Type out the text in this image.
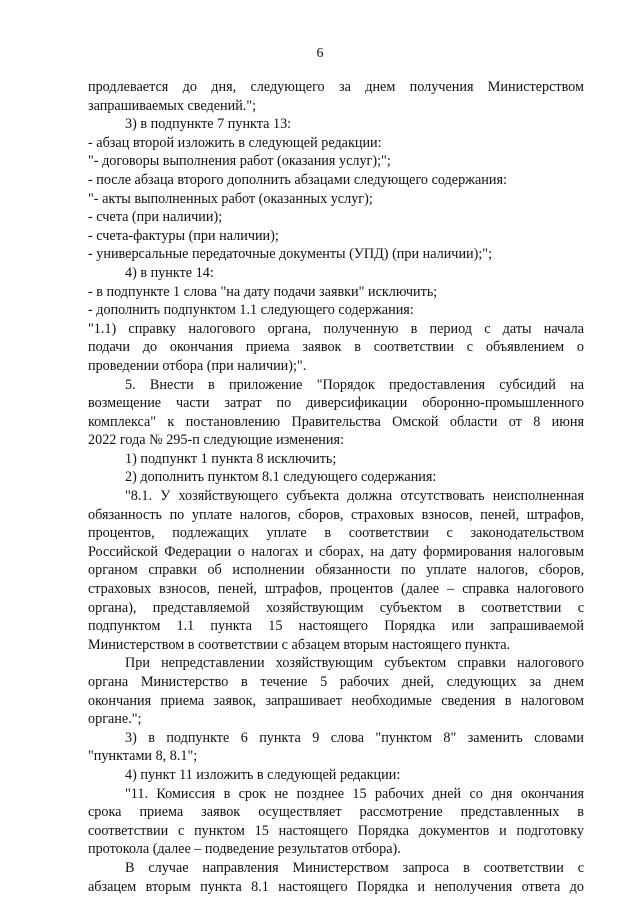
6
продлевается до дня, следующего за днем получения Министерством
запрашиваемых сведений.";
3) в подпункте 7 пункта 13:
- абзац второй изложить в следующей редакции:
"- договоры выполнения работ (оказания услуг);";
- после абзаца второго дополнить абзацами следующего содержания:
"- акты выполненных работ (оказанных услуг);
- счета (при наличии);
- счета-фактуры (при наличии);
- универсальные передаточные документы (УПД) (при наличии);";
4) в пункте 14:
- в подпункте 1 слова "на дату подачи заявки" исключить;
- дополнить подпунктом 1.1 следующего содержания:
"1.1) справку налогового органа, полученную в период с даты начала
подачи до окончания приема заявок в соответствии с объявлением о
проведении отбора (при наличии);".
5. Внести в приложение "Порядок предоставления субсидий на
возмещение части затрат по диверсификации оборонно-промышленного
комплекса" к постановлению Правительства Омской области от 8 июня
2022 года № 295-п следующие изменения:
1) подпункт 1 пункта 8 исключить;
2) дополнить пунктом 8.1 следующего содержания:
"8.1. У хозяйствующего субъекта должна отсутствовать неисполненная
обязанность по уплате налогов, сборов, страховых взносов, пеней, штрафов,
процентов, подлежащих уплате в соответствии с законодательством
Российской Федерации о налогах и сборах, на дату формирования налоговым
органом справки об исполнении обязанности по уплате налогов, сборов,
страховых взносов, пеней, штрафов, процентов (далее – справка налогового
органа), представляемой хозяйствующим субъектом в соответствии с
подпунктом 1.1 пункта 15 настоящего Порядка или запрашиваемой
Министерством в соответствии с абзацем вторым настоящего пункта.
При непредставлении хозяйствующим субъектом справки налогового
органа Министерство в течение 5 рабочих дней, следующих за днем
окончания приема заявок, запрашивает необходимые сведения в налоговом
органе.";
3) в подпункте 6 пункта 9 слова "пунктом 8" заменить словами
"пунктами 8, 8.1";
4) пункт 11 изложить в следующей редакции:
"11. Комиссия в срок не позднее 15 рабочих дней со дня окончания
срока приема заявок осуществляет рассмотрение представленных в
соответствии с пунктом 15 настоящего Порядка документов и подготовку
протокола (далее – подведение результатов отбора).
В случае направления Министерством запроса в соответствии с
абзацем вторым пункта 8.1 настоящего Порядка и неполучения ответа до
